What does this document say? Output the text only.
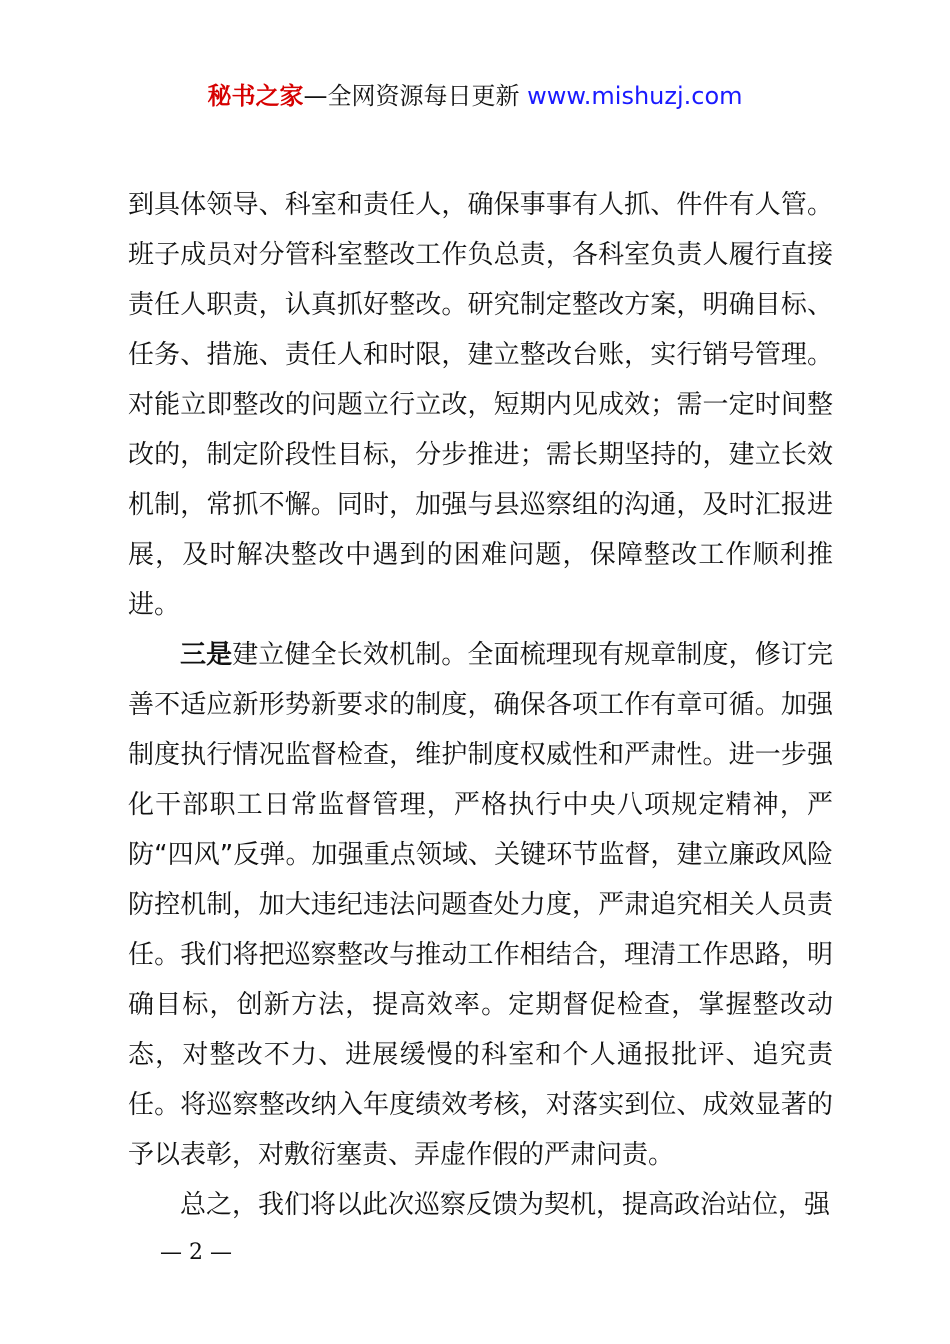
秘书之家—全网资源每日更新 www.mishuzj.com

到具体领导、科室和责任人，确保事事有人抓、件件有人管。班子成员对分管科室整改工作负总责，各科室负责人履行直接责任人职责，认真抓好整改。研究制定整改方案，明确目标、任务、措施、责任人和时限，建立整改台账，实行销号管理。对能立即整改的问题立行立改，短期内见成效；需一定时间整改的，制定阶段性目标，分步推进；需长期坚持的，建立长效机制，常抓不懈。同时，加强与县巡察组的沟通，及时汇报进展，及时解决整改中遇到的困难问题，保障整改工作顺利推进。

三是建立健全长效机制。全面梳理现有规章制度，修订完善不适应新形势新要求的制度，确保各项工作有章可循。加强制度执行情况监督检查，维护制度权威性和严肃性。进一步强化干部职工日常监督管理，严格执行中央八项规定精神，严防“四风”反弹。加强重点领域、关键环节监督，建立廉政风险防控机制，加大违纪违法问题查处力度，严肃追究相关人员责任。我们将把巡察整改与推动工作相结合，理清工作思路，明确目标，创新方法，提高效率。定期督促检查，掌握整改动态，对整改不力、进展缓慢的科室和个人通报批评、追究责任。将巡察整改纳入年度绩效考核，对落实到位、成效显著的予以表彰，对敷衍塞责、弄虚作假的严肃问责。

总之，我们将以此次巡察反馈为契机，提高政治站位，强

— 2 —
